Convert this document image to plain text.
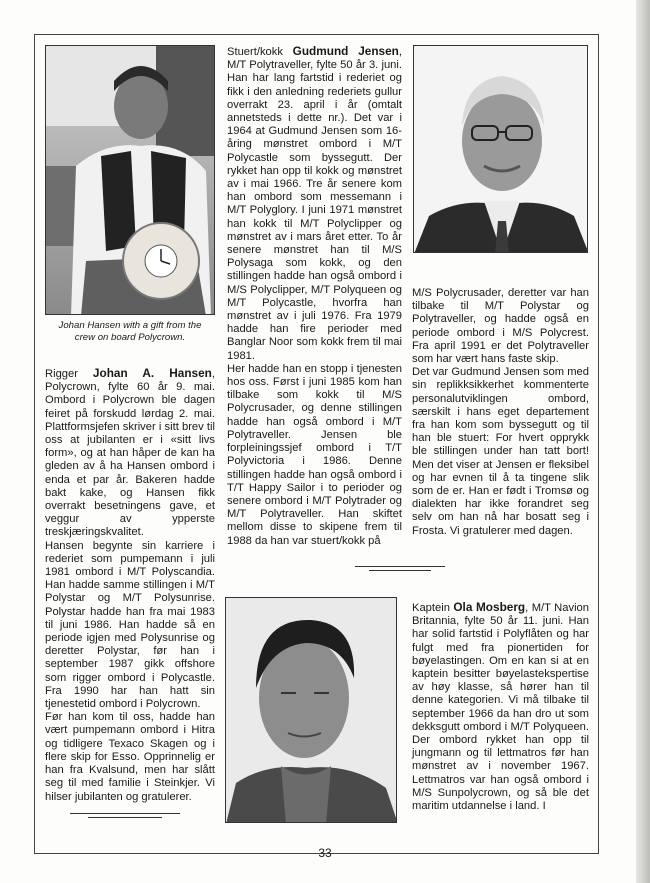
Johan Hansen with a gift from the
crew on board Polycrown.

Rigger Johan A. Hansen, Polycrown, fylte 60 år 9. mai. Ombord i Polycrown ble dagen feiret på forskudd lørdag 2. mai. Plattformsjefen skriver i sitt brev til oss at jubilanten er i «sitt livs form», og at han håper de kan ha gleden av å ha Hansen ombord i enda et par år. Bakeren hadde bakt kake, og Hansen fikk overrakt besetningens gave, et veggur av ypperste treskjæringskvalitet.

Hansen begynte sin karriere i rederiet som pumpemann i juli 1981 ombord i M/T Polyscandia. Han hadde samme stillingen i M/T Polystar og M/T Polysunrise. Polystar hadde han fra mai 1983 til juni 1986. Han hadde så en periode igjen med Polysunrise og deretter Polystar, før han i september 1987 gikk offshore som rigger ombord i Polycastle. Fra 1990 har han hatt sin tjenestetid ombord i Polycrown.

Før han kom til oss, hadde han vært pumpemann ombord i Hitra og tidligere Texaco Skagen og i flere skip for Esso. Opprinnelig er han fra Kvalsund, men har slått seg til med familie i Steinkjer. Vi hilser jubilanten og gratulerer.

Stuert/kokk Gudmund Jensen, M/T Polytraveller, fylte 50 år 3. juni. Han har lang fartstid i rederiet og fikk i den anledning rederiets gullur overrakt 23. april i år (omtalt annetsteds i dette nr.). Det var i 1964 at Gudmund Jensen som 16-åring mønstret ombord i M/T Polycastle som byssegutt. Der rykket han opp til kokk og mønstret av i mai 1966. Tre år senere kom han ombord som messemann i M/T Polyglory. I juni 1971 mønstret han kokk til M/T Polyclipper og mønstret av i mars året etter. To år senere mønstret han til M/S Polysaga som kokk, og den stillingen hadde han også ombord i M/S Polyclipper, M/T Polyqueen og M/T Polycastle, hvorfra han mønstret av i juli 1976. Fra 1979 hadde han fire perioder med Banglar Noor som kokk frem til mai 1981.

Her hadde han en stopp i tjenesten hos oss. Først i juni 1985 kom han tilbake som kokk til M/S Polycrusader, og denne stillingen hadde han også ombord i M/T Polytraveller. Jensen ble forpleiningssjef ombord i T/T Polyvictoria i 1986. Denne stillingen hadde han også ombord i T/T Happy Sailor i to perioder og senere ombord i M/T Polytrader og M/T Polytraveller. Han skiftet mellom disse to skipene frem til 1988 da han var stuert/kokk på

M/S Polycrusader, deretter var han tilbake til M/T Polystar og Polytraveller, og hadde også en periode ombord i M/S Polycrest. Fra april 1991 er det Polytraveller som har vært hans faste skip.

Det var Gudmund Jensen som med sin replikksikkerhet kommenterte personalutviklingen ombord, særskilt i hans eget departement fra han kom som byssegutt og til han ble stuert: For hvert opprykk ble stillingen under han tatt bort! Men det viser at Jensen er fleksibel og har evnen til å ta tingene slik som de er. Han er født i Tromsø og dialekten har ikke forandret seg selv om han nå har bosatt seg i Frosta. Vi gratulerer med dagen.

Kaptein Ola Mosberg, M/T Navion Britannia, fylte 50 år 11. juni. Han har solid fartstid i Polyflåten og har fulgt med fra pionertiden for bøyelastingen. Om en kan si at en kaptein besitter bøyelastekspertise av høy klasse, så hører han til denne kategorien. Vi må tilbake til september 1966 da han dro ut som dekksgutt ombord i M/T Polyqueen. Der ombord rykket han opp til jungmann og til lettmatros før han mønstret av i november 1967. Lettmatros var han også ombord i M/S Sunpolycrown, og så ble det maritim utdannelse i land. I

33
